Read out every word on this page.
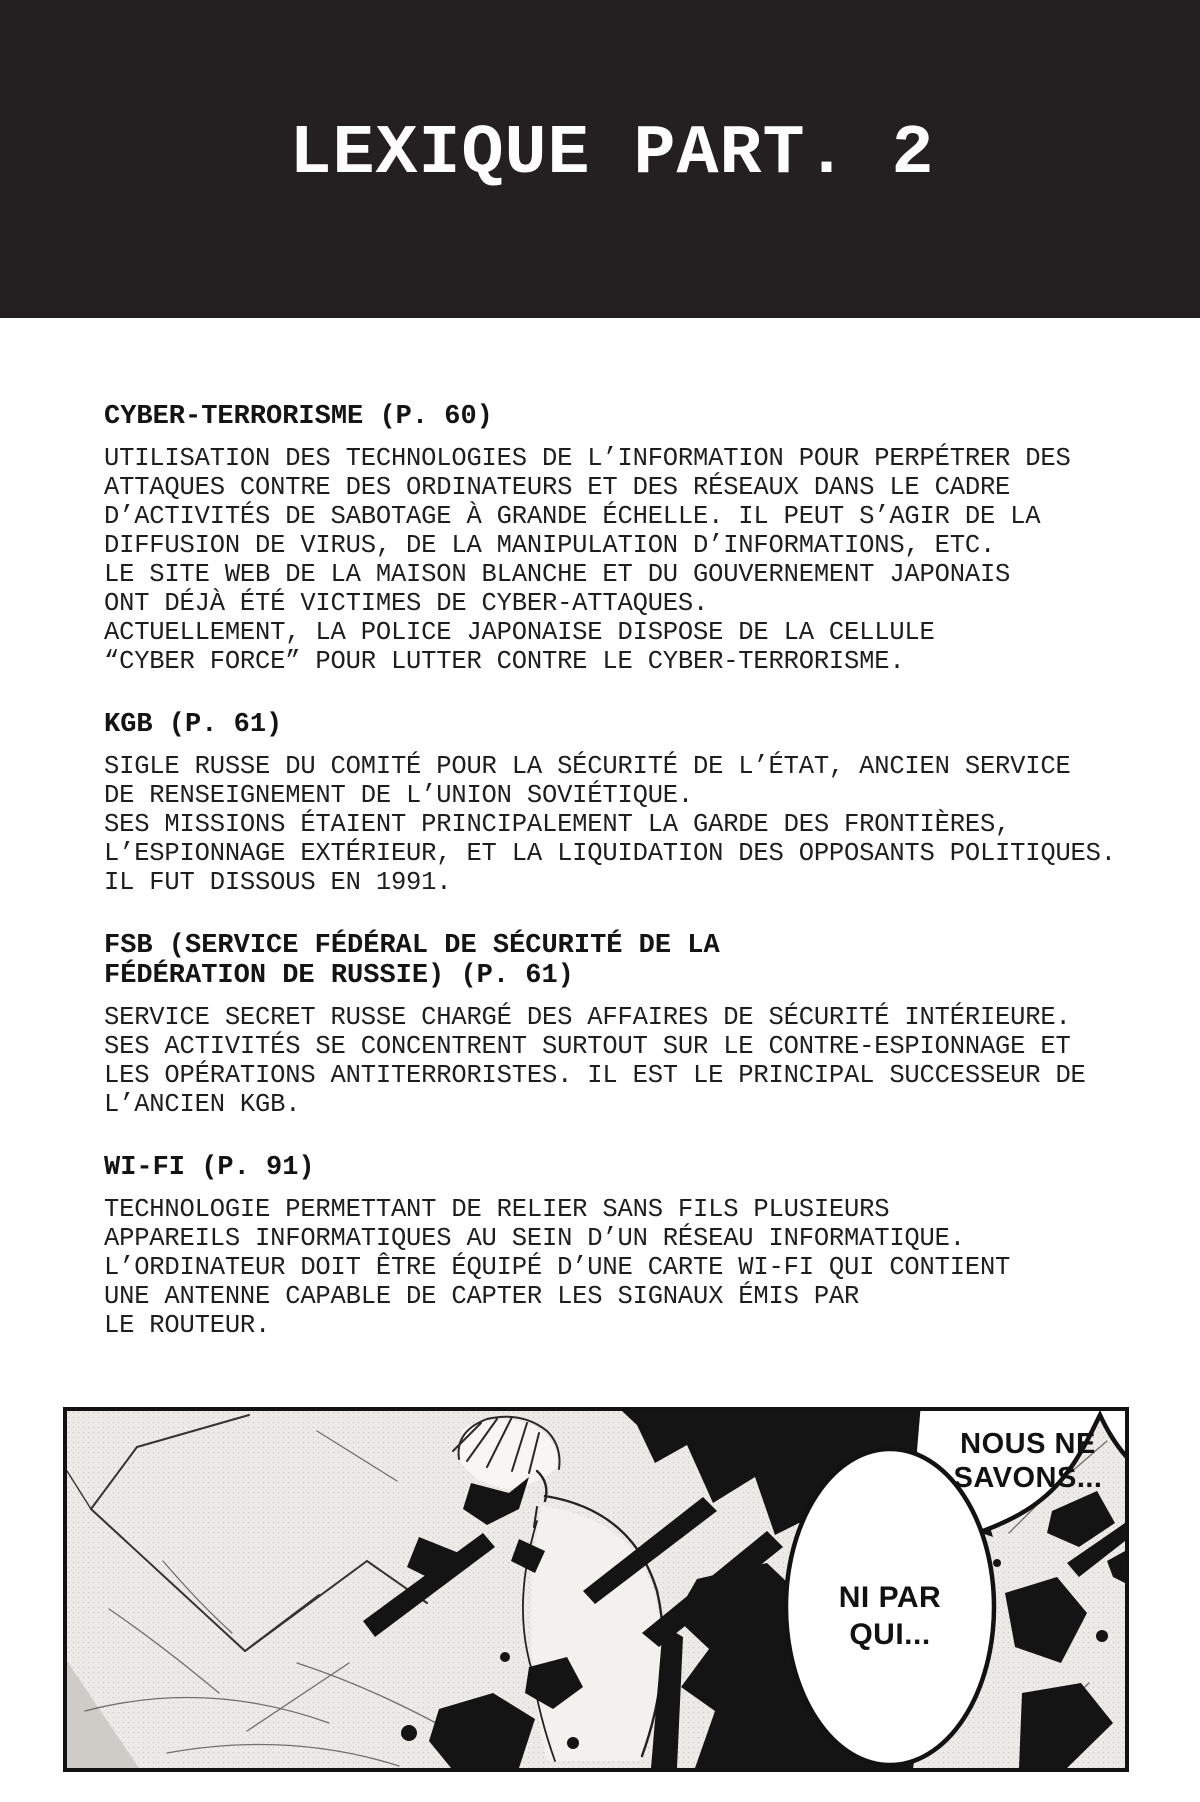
LEXIQUE PART. 2
CYBER-TERRORISME (P. 60)
UTILISATION DES TECHNOLOGIES DE L’INFORMATION POUR PERPÉTRER DES
ATTAQUES CONTRE DES ORDINATEURS ET DES RÉSEAUX DANS LE CADRE
D’ACTIVITÉS DE SABOTAGE À GRANDE ÉCHELLE. IL PEUT S’AGIR DE LA
DIFFUSION DE VIRUS, DE LA MANIPULATION D’INFORMATIONS, ETC.
LE SITE WEB DE LA MAISON BLANCHE ET DU GOUVERNEMENT JAPONAIS
ONT DÉJÀ ÉTÉ VICTIMES DE CYBER-ATTAQUES.
ACTUELLEMENT, LA POLICE JAPONAISE DISPOSE DE LA CELLULE
“CYBER FORCE” POUR LUTTER CONTRE LE CYBER-TERRORISME.
KGB (P. 61)
SIGLE RUSSE DU COMITÉ POUR LA SÉCURITÉ DE L’ÉTAT, ANCIEN SERVICE
DE RENSEIGNEMENT DE L’UNION SOVIÉTIQUE.
SES MISSIONS ÉTAIENT PRINCIPALEMENT LA GARDE DES FRONTIÈRES,
L’ESPIONNAGE EXTÉRIEUR, ET LA LIQUIDATION DES OPPOSANTS POLITIQUES.
IL FUT DISSOUS EN 1991.
FSB (SERVICE FÉDÉRAL DE SÉCURITÉ DE LA
FÉDÉRATION DE RUSSIE) (P. 61)
SERVICE SECRET RUSSE CHARGÉ DES AFFAIRES DE SÉCURITÉ INTÉRIEURE.
SES ACTIVITÉS SE CONCENTRENT SURTOUT SUR LE CONTRE-ESPIONNAGE ET
LES OPÉRATIONS ANTITERRORISTES. IL EST LE PRINCIPAL SUCCESSEUR DE
L’ANCIEN KGB.
WI-FI (P. 91)
TECHNOLOGIE PERMETTANT DE RELIER SANS FILS PLUSIEURS
APPAREILS INFORMATIQUES AU SEIN D’UN RÉSEAU INFORMATIQUE.
L’ORDINATEUR DOIT ÊTRE ÉQUIPÉ D’UNE CARTE WI-FI QUI CONTIENT
UNE ANTENNE CAPABLE DE CAPTER LES SIGNAUX ÉMIS PAR
LE ROUTEUR.
NOUS NE
SAVONS...
NI PAR
QUI...
